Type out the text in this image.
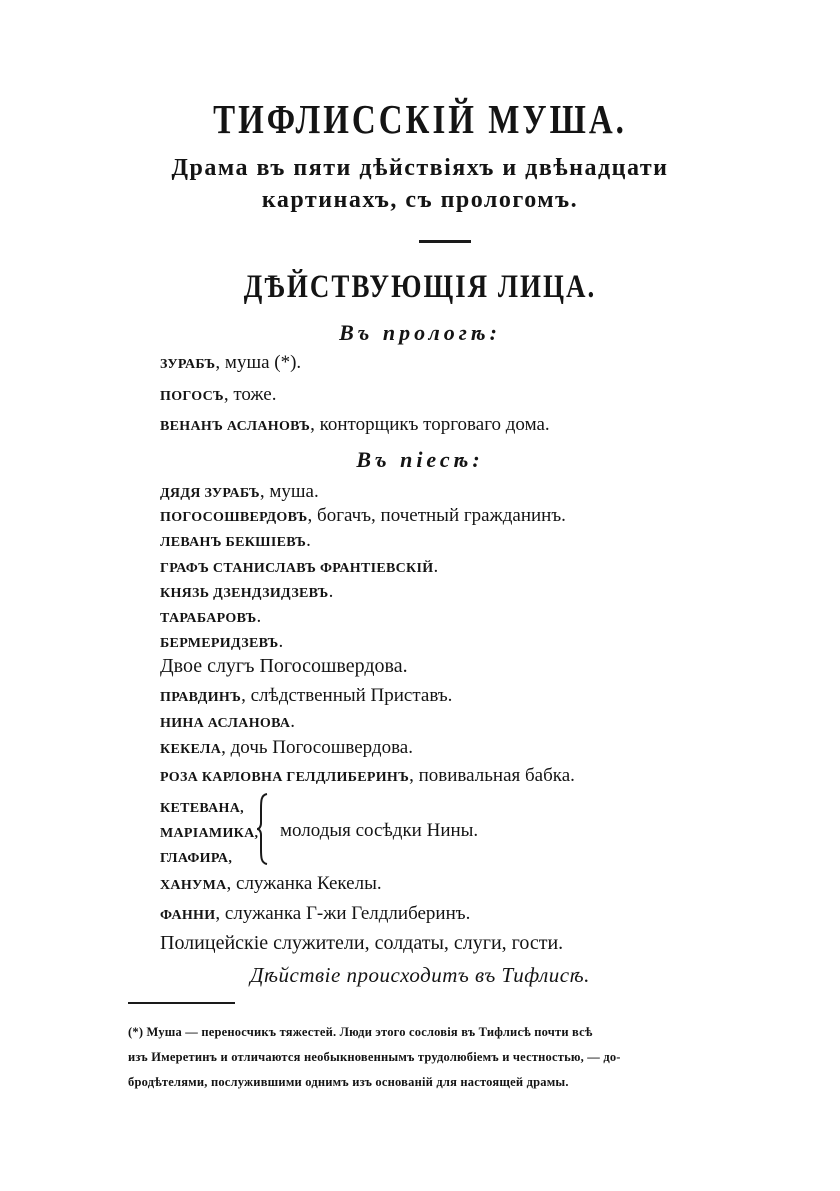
ТИФЛИССКІЙ МУША.
Драма въ пяти дѣйствіяхъ и двѣнадцати
картинахъ, съ прологомъ.
ДѢЙСТВУЮЩІЯ ЛИЦА.
Въ прологѣ:
ЗУРАБЪ, муша (*).
ПОГОСЪ, тоже.
ВЕНАНЪ АСЛАНОВЪ, конторщикъ торговаго дома.
Въ піесѣ:
ДЯДЯ ЗУРАБЪ, муша.
ПОГОСОШВЕРДОВЪ, богачъ, почетный гражданинъ.
ЛЕВАНЪ БЕКШІЕВЪ.
ГРАФЪ СТАНИСЛАВЪ ФРАНТІЕВСКІЙ.
КНЯЗЬ ДЗЕНДЗИДЗЕВЪ.
ТАРАБАРОВЪ.
БЕРМЕРИДЗЕВЪ.
Двое слугъ Погосошвердова.
ПРАВДИНЪ, слѣдственный Приставъ.
НИНА АСЛАНОВА.
КЕКЕЛА, дочь Погосошвердова.
РОЗА КАРЛОВНА ГЕЛДЛИБЕРИНЪ, повивальная бабка.
КЕТЕВАНА,
МАРІАМИКА,
ГЛАФИРА,
молодыя сосѣдки Нины.
ХАНУМА, служанка Кекелы.
ФАННИ, служанка Г-жи Гелдлиберинъ.
Полицейскіе служители, солдаты, слуги, гости.
Дѣйствіе происходитъ въ Тифлисѣ.
(*) Муша — переносчикъ тяжестей. Люди этого сословія въ Тифлисѣ почти всѣ
изъ Имеретинъ и отличаются необыкновеннымъ трудолюбіемъ и честностью, — до-
бродѣтелями, послужившими однимъ изъ основаній для настоящей драмы.
